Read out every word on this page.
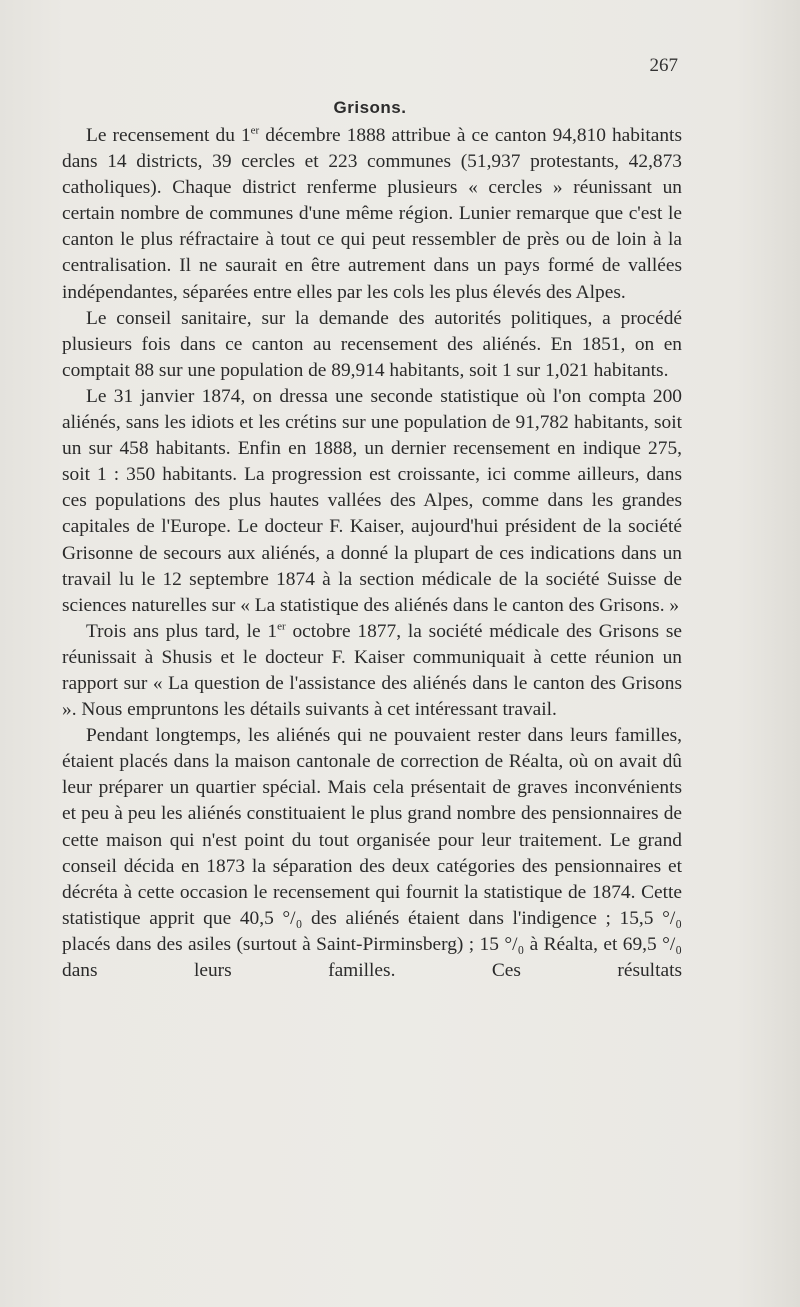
267
Grisons.

Le recensement du 1er décembre 1888 attribue à ce canton 94,810 habitants dans 14 districts, 39 cercles et 223 communes (51,937 protestants, 42,873 catholiques). Chaque district renferme plusieurs « cercles » réunissant un certain nombre de communes d'une même région. Lunier remarque que c'est le canton le plus réfractaire à tout ce qui peut ressembler de près ou de loin à la centralisation. Il ne saurait en être autrement dans un pays formé de vallées indépendantes, séparées entre elles par les cols les plus élevés des Alpes.

Le conseil sanitaire, sur la demande des autorités politiques, a procédé plusieurs fois dans ce canton au recensement des aliénés. En 1851, on en comptait 88 sur une population de 89,914 habitants, soit 1 sur 1,021 habitants.

Le 31 janvier 1874, on dressa une seconde statistique où l'on compta 200 aliénés, sans les idiots et les crétins sur une population de 91,782 habitants, soit un sur 458 habitants. Enfin en 1888, un dernier recensement en indique 275, soit 1 : 350 habitants. La progression est croissante, ici comme ailleurs, dans ces populations des plus hautes vallées des Alpes, comme dans les grandes capitales de l'Europe. Le docteur F. Kaiser, aujourd'hui président de la société Grisonne de secours aux aliénés, a donné la plupart de ces indications dans un travail lu le 12 septembre 1874 à la section médicale de la société Suisse de sciences naturelles sur « La statistique des aliénés dans le canton des Grisons. »

Trois ans plus tard, le 1er octobre 1877, la société médicale des Grisons se réunissait à Shusis et le docteur F. Kaiser communiquait à cette réunion un rapport sur « La question de l'assistance des aliénés dans le canton des Grisons ». Nous empruntons les détails suivants à cet intéressant travail.

Pendant longtemps, les aliénés qui ne pouvaient rester dans leurs familles, étaient placés dans la maison cantonale de correction de Réalta, où on avait dû leur préparer un quartier spécial. Mais cela présentait de graves inconvénients et peu à peu les aliénés constituaient le plus grand nombre des pensionnaires de cette maison qui n'est point du tout organisée pour leur traitement. Le grand conseil décida en 1873 la séparation des deux catégories des pensionnaires et décréta à cette occasion le recensement qui fournit la statistique de 1874. Cette statistique apprit que 40,5 °/₀ des aliénés étaient dans l'indigence ; 15,5 °/₀ placés dans des asiles (surtout à Saint-Pirminsberg) ; 15 °/₀ à Réalta, et 69,5 °/₀ dans leurs familles. Ces résultats
